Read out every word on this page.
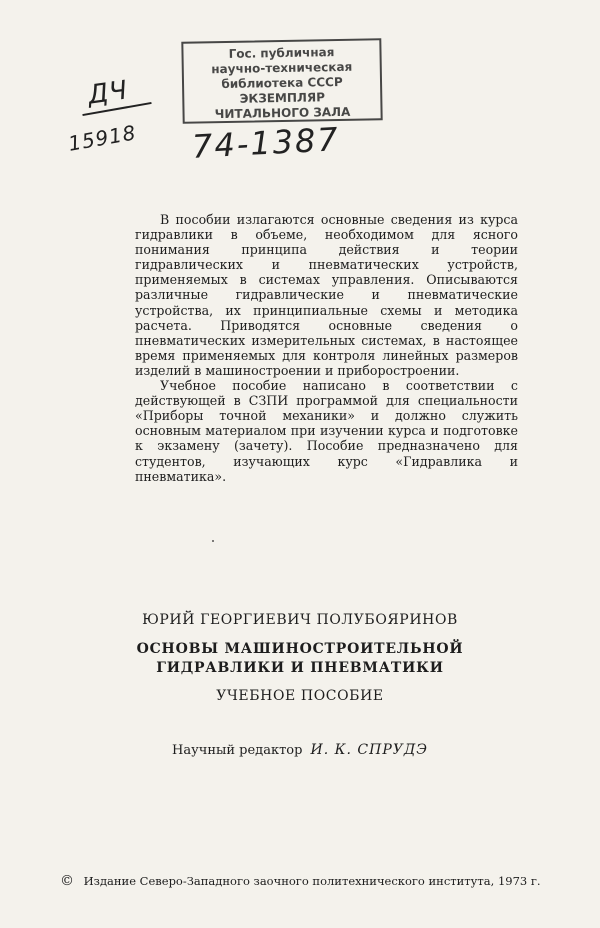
Гос. публичная
научно-техническая
библиотека СССР
ЭКЗЕМПЛЯР
ЧИТАЛЬНОГО ЗАЛА
ДЧ
15918 74-1387

В пособии излагаются основные сведения из курса гидравлики в объеме, необходимом для ясного понимания принципа действия и теории гидравлических и пневматических устройств, применяемых в системах управления. Описываются различные гидравлические и пневматические устройства, их принципиальные схемы и методика расчета. Приводятся основные сведения о пневматических измерительных системах, в настоящее время применяемых для контроля линейных размеров изделий в машиностроении и приборостроении.

Учебное пособие написано в соответствии с действующей в СЗПИ программой для специальности «Приборы точной механики» и должно служить основным материалом при изучении курса и подготовке к экзамену (зачету). Пособие предназначено для студентов, изучающих курс «Гидравлика и пневматика».

ЮРИЙ ГЕОРГИЕВИЧ ПОЛУБОЯРИНОВ
ОСНОВЫ МАШИНОСТРОИТЕЛЬНОЙ
ГИДРАВЛИКИ И ПНЕВМАТИКИ
УЧЕБНОЕ ПОСОБИЕ
Научный редактор И. К. СПРУДЭ
© Издание Северо-Западного заочного политехнического института, 1973 г.
